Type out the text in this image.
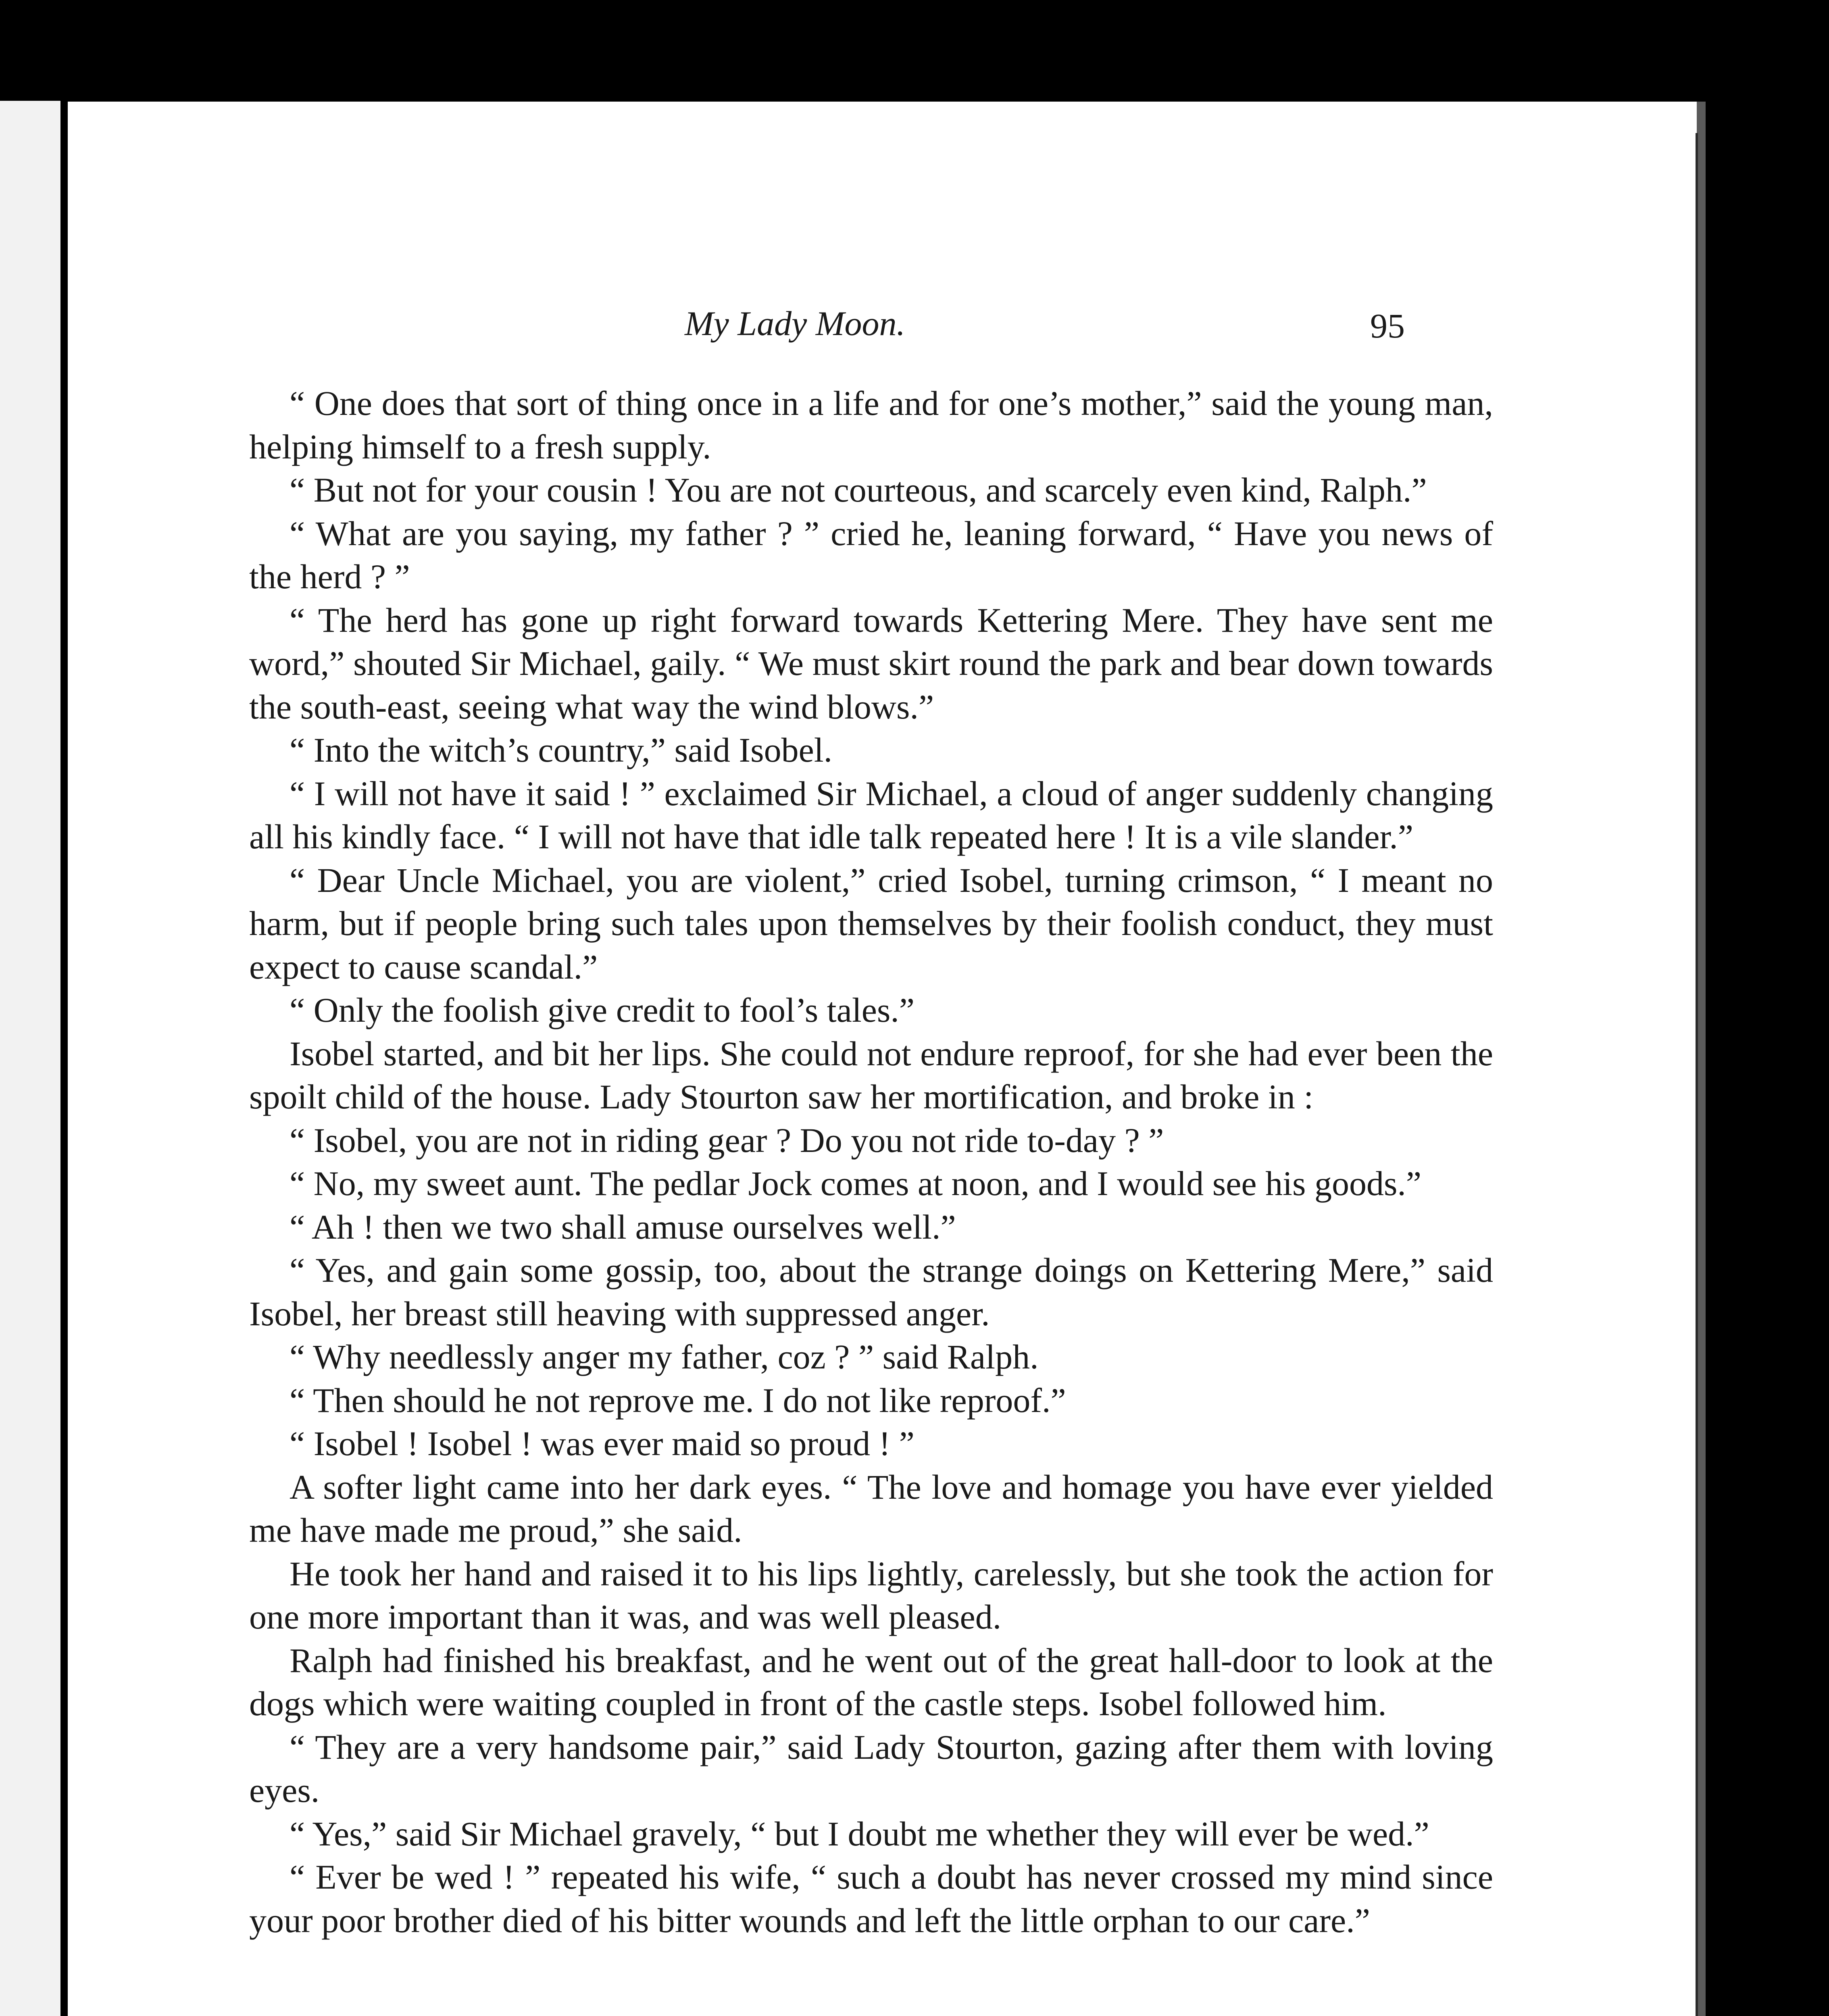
My Lady Moon.	95

“ One does that sort of thing once in a life and for one’s mother,” said the young man, helping himself to a fresh supply.

“ But not for your cousin ! You are not courteous, and scarcely even kind, Ralph.”

“ What are you saying, my father ? ” cried he, leaning forward, “ Have you news of the herd ? ”

“ The herd has gone up right forward towards Kettering Mere. They have sent me word,” shouted Sir Michael, gaily. “ We must skirt round the park and bear down towards the south-east, seeing what way the wind blows.”

“ Into the witch’s country,” said Isobel.

“ I will not have it said ! ” exclaimed Sir Michael, a cloud of anger suddenly changing all his kindly face. “ I will not have that idle talk repeated here ! It is a vile slander.”

“ Dear Uncle Michael, you are violent,” cried Isobel, turning crimson, “ I meant no harm, but if people bring such tales upon themselves by their foolish conduct, they must expect to cause scandal.”

“ Only the foolish give credit to fool’s tales.”

Isobel started, and bit her lips. She could not endure reproof, for she had ever been the spoilt child of the house. Lady Stourton saw her mortification, and broke in :

“ Isobel, you are not in riding gear ? Do you not ride to-day ? ”

“ No, my sweet aunt. The pedlar Jock comes at noon, and I would see his goods.”

“ Ah ! then we two shall amuse ourselves well.”

“ Yes, and gain some gossip, too, about the strange doings on Kettering Mere,” said Isobel, her breast still heaving with suppressed anger.

“ Why needlessly anger my father, coz ? ” said Ralph.

“ Then should he not reprove me. I do not like reproof.”

“ Isobel ! Isobel ! was ever maid so proud ! ”

A softer light came into her dark eyes. “ The love and homage you have ever yielded me have made me proud,” she said.

He took her hand and raised it to his lips lightly, carelessly, but she took the action for one more important than it was, and was well pleased.

Ralph had finished his breakfast, and he went out of the great hall-door to look at the dogs which were waiting coupled in front of the castle steps. Isobel followed him.

“ They are a very handsome pair,” said Lady Stourton, gazing after them with loving eyes.

“ Yes,” said Sir Michael gravely, “ but I doubt me whether they will ever be wed.”

“ Ever be wed ! ” repeated his wife, “ such a doubt has never crossed my mind since your poor brother died of his bitter wounds and left the little orphan to our care.”
